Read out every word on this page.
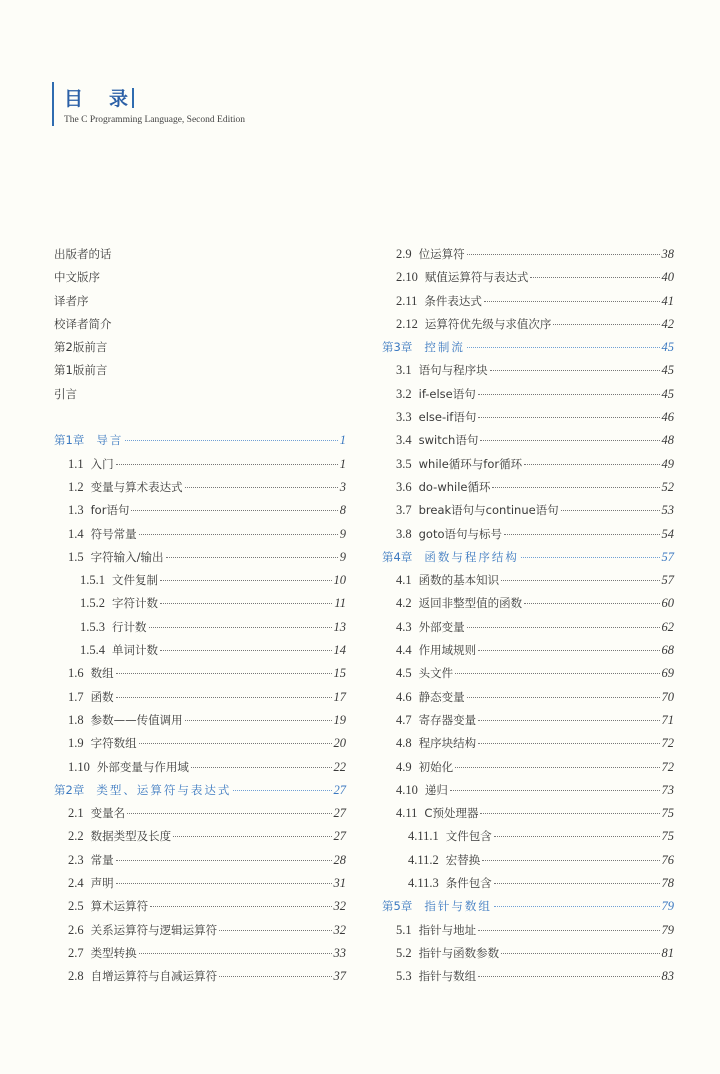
目 录
The C Programming Language, Second Edition
出版者的话
中文版序
译者序
校译者简介
第2版前言
第1版前言
引言
第1章 导言	1
1.1 入门	1
1.2 变量与算术表达式	3
1.3 for语句	8
1.4 符号常量	9
1.5 字符输入/输出	9
1.5.1 文件复制	10
1.5.2 字符计数	11
1.5.3 行计数	13
1.5.4 单词计数	14
1.6 数组	15
1.7 函数	17
1.8 参数——传值调用	19
1.9 字符数组	20
1.10 外部变量与作用域	22
第2章 类型、运算符与表达式	27
2.1 变量名	27
2.2 数据类型及长度	27
2.3 常量	28
2.4 声明	31
2.5 算术运算符	32
2.6 关系运算符与逻辑运算符	32
2.7 类型转换	33
2.8 自增运算符与自减运算符	37
2.9 位运算符	38
2.10 赋值运算符与表达式	40
2.11 条件表达式	41
2.12 运算符优先级与求值次序	42
第3章 控制流	45
3.1 语句与程序块	45
3.2 if-else语句	45
3.3 else-if语句	46
3.4 switch语句	48
3.5 while循环与for循环	49
3.6 do-while循环	52
3.7 break语句与continue语句	53
3.8 goto语句与标号	54
第4章 函数与程序结构	57
4.1 函数的基本知识	57
4.2 返回非整型值的函数	60
4.3 外部变量	62
4.4 作用域规则	68
4.5 头文件	69
4.6 静态变量	70
4.7 寄存器变量	71
4.8 程序块结构	72
4.9 初始化	72
4.10 递归	73
4.11 C预处理器	75
4.11.1 文件包含	75
4.11.2 宏替换	76
4.11.3 条件包含	78
第5章 指针与数组	79
5.1 指针与地址	79
5.2 指针与函数参数	81
5.3 指针与数组	83
